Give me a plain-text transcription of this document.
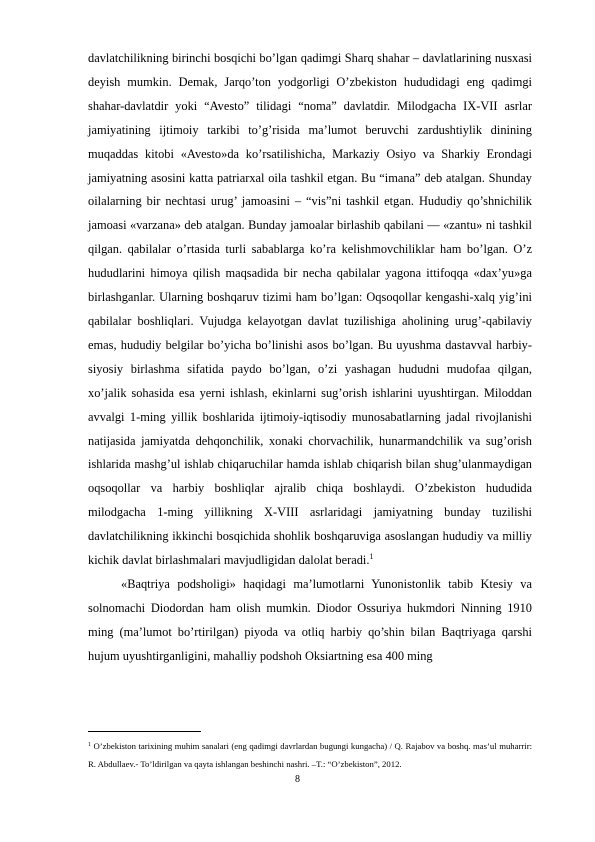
davlatchilikning birinchi bosqichi bo’lgan qadimgi Sharq shahar – davlatlarining nusxasi deyish mumkin. Demak, Jarqo’ton yodgorligi O’zbekiston hududidagi eng qadimgi shahar-davlatdir yoki “Avesto” tilidagi “noma” davlatdir. Milodgacha IX-VII asrlar jamiyatining ijtimoiy tarkibi to’g’risida ma’lumot beruvchi zardushtiylik dinining muqaddas kitobi «Avesto»da ko’rsatilishicha, Markaziy Osiyo va Sharkiy Erondagi jamiyatning asosini katta patriarxal oila tashkil etgan. Bu “imana” deb atalgan. Shunday oilalarning bir nechtasi urug’ jamoasini – “vis”ni tashkil etgan. Hududiy qo’shnichilik jamoasi «varzana» deb atalgan. Bunday jamoalar birlashib qabilani — «zantu» ni tashkil qilgan. qabilalar o’rtasida turli sabablarga ko’ra kelishmovchiliklar ham bo’lgan. O’z hududlarini himoya qilish maqsadida bir necha qabilalar yagona ittifoqqa «dax’yu»ga birlashganlar. Ularning boshqaruv tizimi ham bo’lgan: Oqsoqollar kengashi-xalq yig’ini qabilalar boshliqlari. Vujudga kelayotgan davlat tuzilishiga aholining urug’-qabilaviy emas, hududiy belgilar bo’yicha bo’linishi asos bo’lgan. Bu uyushma dastavval harbiy-siyosiy birlashma sifatida paydo bo’lgan, o’zi yashagan hududni mudofaa qilgan, xo’jalik sohasida esa yerni ishlash, ekinlarni sug’orish ishlarini uyushtirgan. Miloddan avvalgi 1-ming yillik boshlarida ijtimoiy-iqtisodiy munosabatlarning jadal rivojlanishi natijasida jamiyatda dehqonchilik, xonaki chorvachilik, hunarmandchilik va sug’orish ishlarida mashg’ul ishlab chiqaruchilar hamda ishlab chiqarish bilan shug’ulanmaydigan oqsoqollar va harbiy boshliqlar ajralib chiqa boshlaydi. O’zbekiston hududida milodgacha 1-ming yillikning X-VIII asrlaridagi jamiyatning bunday tuzilishi davlatchilikning ikkinchi bosqichida shohlik boshqaruviga asoslangan hududiy va milliy kichik davlat birlashmalari mavjudligidan dalolat beradi.$^1$

«Baqtriya podsholigi» haqidagi ma’lumotlarni Yunonistonlik tabib Ktesiy va solnomachi Diodordan ham olish mumkin. Diodor Ossuriya hukmdori Ninning 1910 ming (ma’lumot bo’rtirilgan) piyoda va otliq harbiy qo’shin bilan Baqtriyaga qarshi hujum uyushtirganligini, mahalliy podshoh Oksiartning esa 400 ming

$^1$ O’zbekiston tarixining muhim sanalari (eng qadimgi davrlardan bugungi kungacha) / Q. Rajabov va boshq. mas’ul muharrir: R. Abdullaev.- To’ldirilgan va qayta ishlangan beshinchi nashri. –T.: “O’zbekiston”, 2012.
8
